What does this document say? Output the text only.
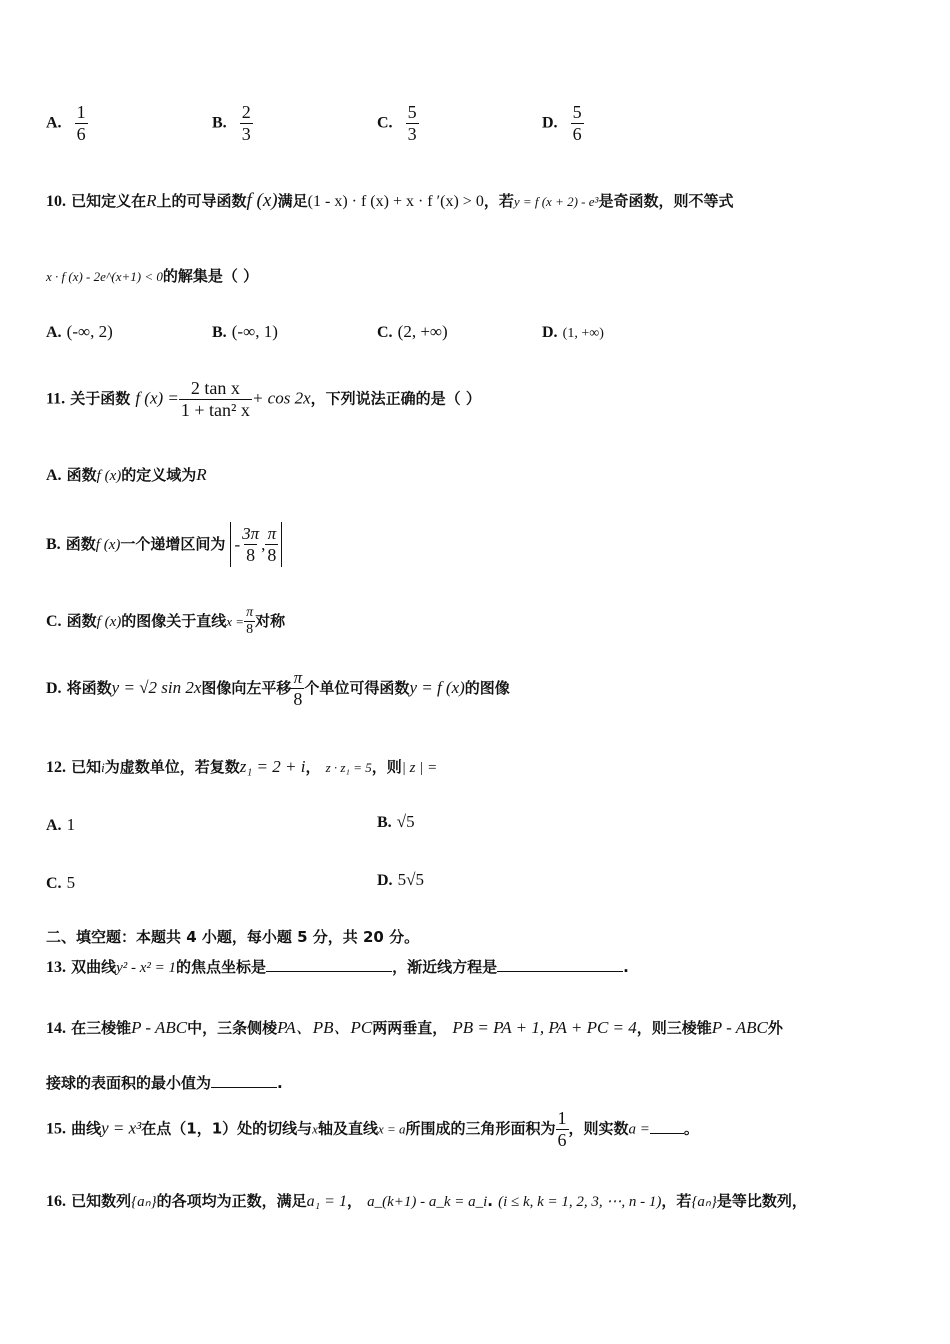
A. $\frac{1}{6}$	B. $\frac{2}{3}$	C. $\frac{5}{3}$	D. $\frac{5}{6}$
10. 已知定义在R上的可导函数f (x)满足(1 - x) · f (x) + x · f ′(x) > 0，若y = f (x + 2) - e³是奇函数，则不等式
x · f (x) - 2e^(x+1) < 0的解集是（ ）
A. (-∞, 2)	B. (-∞, 1)	C. (2, +∞)	D. (1, +∞)
11. 关于函数 f $(x) = \frac{\text{2 tan x}}{\text{1 + tan² x}} + \cos 2x$，下列说法正确的是（ ）
A. 函数f (x)的定义域为R
B. 函数f (x)一个递增区间为 - $\frac{3\pi}{8}$ , $\frac{\pi}{8}$
C. 函数f (x)的图像关于直线$x = \frac{\pi}{8}$ 对称
D. 将函数y = √2 sin 2x图像向左平移 $\frac{\pi}{8}$ 个单位可得函数y = f (x)的图像
12. 已知i为虚数单位，若复数z₁ = 2 + i， z · z₁ = 5，则| z | =
A. 1	B. √5
C. 5	D. 5√5
二、填空题：本题共 4 小题，每小题 5 分，共 20 分。
13. 双曲线y² - x² = 1的焦点坐标是	，渐近线方程是	.
14. 在三棱锥P - ABC中，三条侧棱PA、PB、PC两两垂直， PB = PA + 1, PA + PC = 4，则三棱锥P - ABC外
接球的表面积的最小值为	.
15. 曲线y = x³在点（1，1）处的切线与x轴及直线x = a所围成的三角形面积为 $\frac{1}{6}$ ，则实数a = 。
16. 已知数列{aₙ}的各项均为正数，满足a₁ = 1， a_(k+1) - a_k = a_i. (i ≤ k, k = 1, 2, 3, ⋯, n - 1)，若{aₙ}是等比数列，
